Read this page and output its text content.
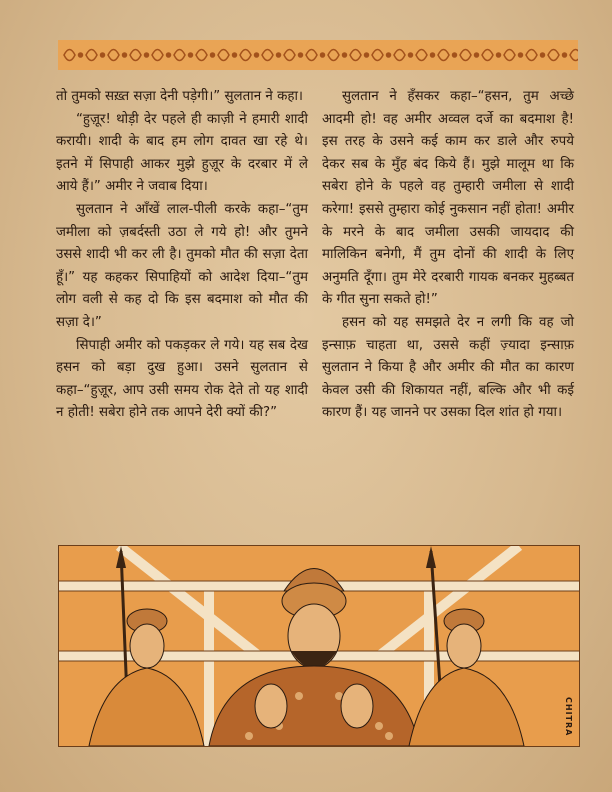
तो तुमको सख़्त सज़ा देनी पड़ेगी।” सुलतान ने कहा।

“हुज़ूर! थोड़ी देर पहले ही काज़ी ने हमारी शादी करायी। शादी के बाद हम लोग दावत खा रहे थे। इतने में सिपाही आकर मुझे हुज़ूर के दरबार में ले आये हैं।” अमीर ने जवाब दिया।

सुलतान ने आँखें लाल-पीली करके कहा–“तुम जमीला को ज़बर्दस्ती उठा ले गये हो! और तुमने उससे शादी भी कर ली है। तुमको मौत की सज़ा देता हूँ।” यह कहकर सिपाहियों को आदेश दिया–“तुम लोग वली से कह दो कि इस बदमाश को मौत की सज़ा दे।”

सिपाही अमीर को पकड़कर ले गये। यह सब देख हसन को बड़ा दुख हुआ। उसने सुलतान से कहा–“हुज़ूर, आप उसी समय रोक देते तो यह शादी न होती! सबेरा होने तक आपने देरी क्यों की?”

सुलतान ने हँसकर कहा–“हसन, तुम अच्छे आदमी हो! वह अमीर अव्वल दर्जे का बदमाश है! इस तरह के उसने कई काम कर डाले और रुपये देकर सब के मुँह बंद किये हैं। मुझे मालूम था कि सबेरा होने के पहले वह तुम्हारी जमीला से शादी करेगा! इससे तुम्हारा कोई नुकसान नहीं होता! अमीर के मरने के बाद जमीला उसकी जायदाद की मालिकिन बनेगी, मैं तुम दोनों की शादी के लिए अनुमति दूँगा। तुम मेरे दरबारी गायक बनकर मुहब्बत के गीत सुना सकते हो!”

हसन को यह समझते देर न लगी कि वह जो इन्साफ़ चाहता था, उससे कहीं ज़्यादा इन्साफ़ सुलतान ने किया है और अमीर की मौत का कारण केवल उसी की शिकायत नहीं, बल्कि और भी कई कारण हैं। यह जानने पर उसका दिल शांत हो गया।

CHITRA
